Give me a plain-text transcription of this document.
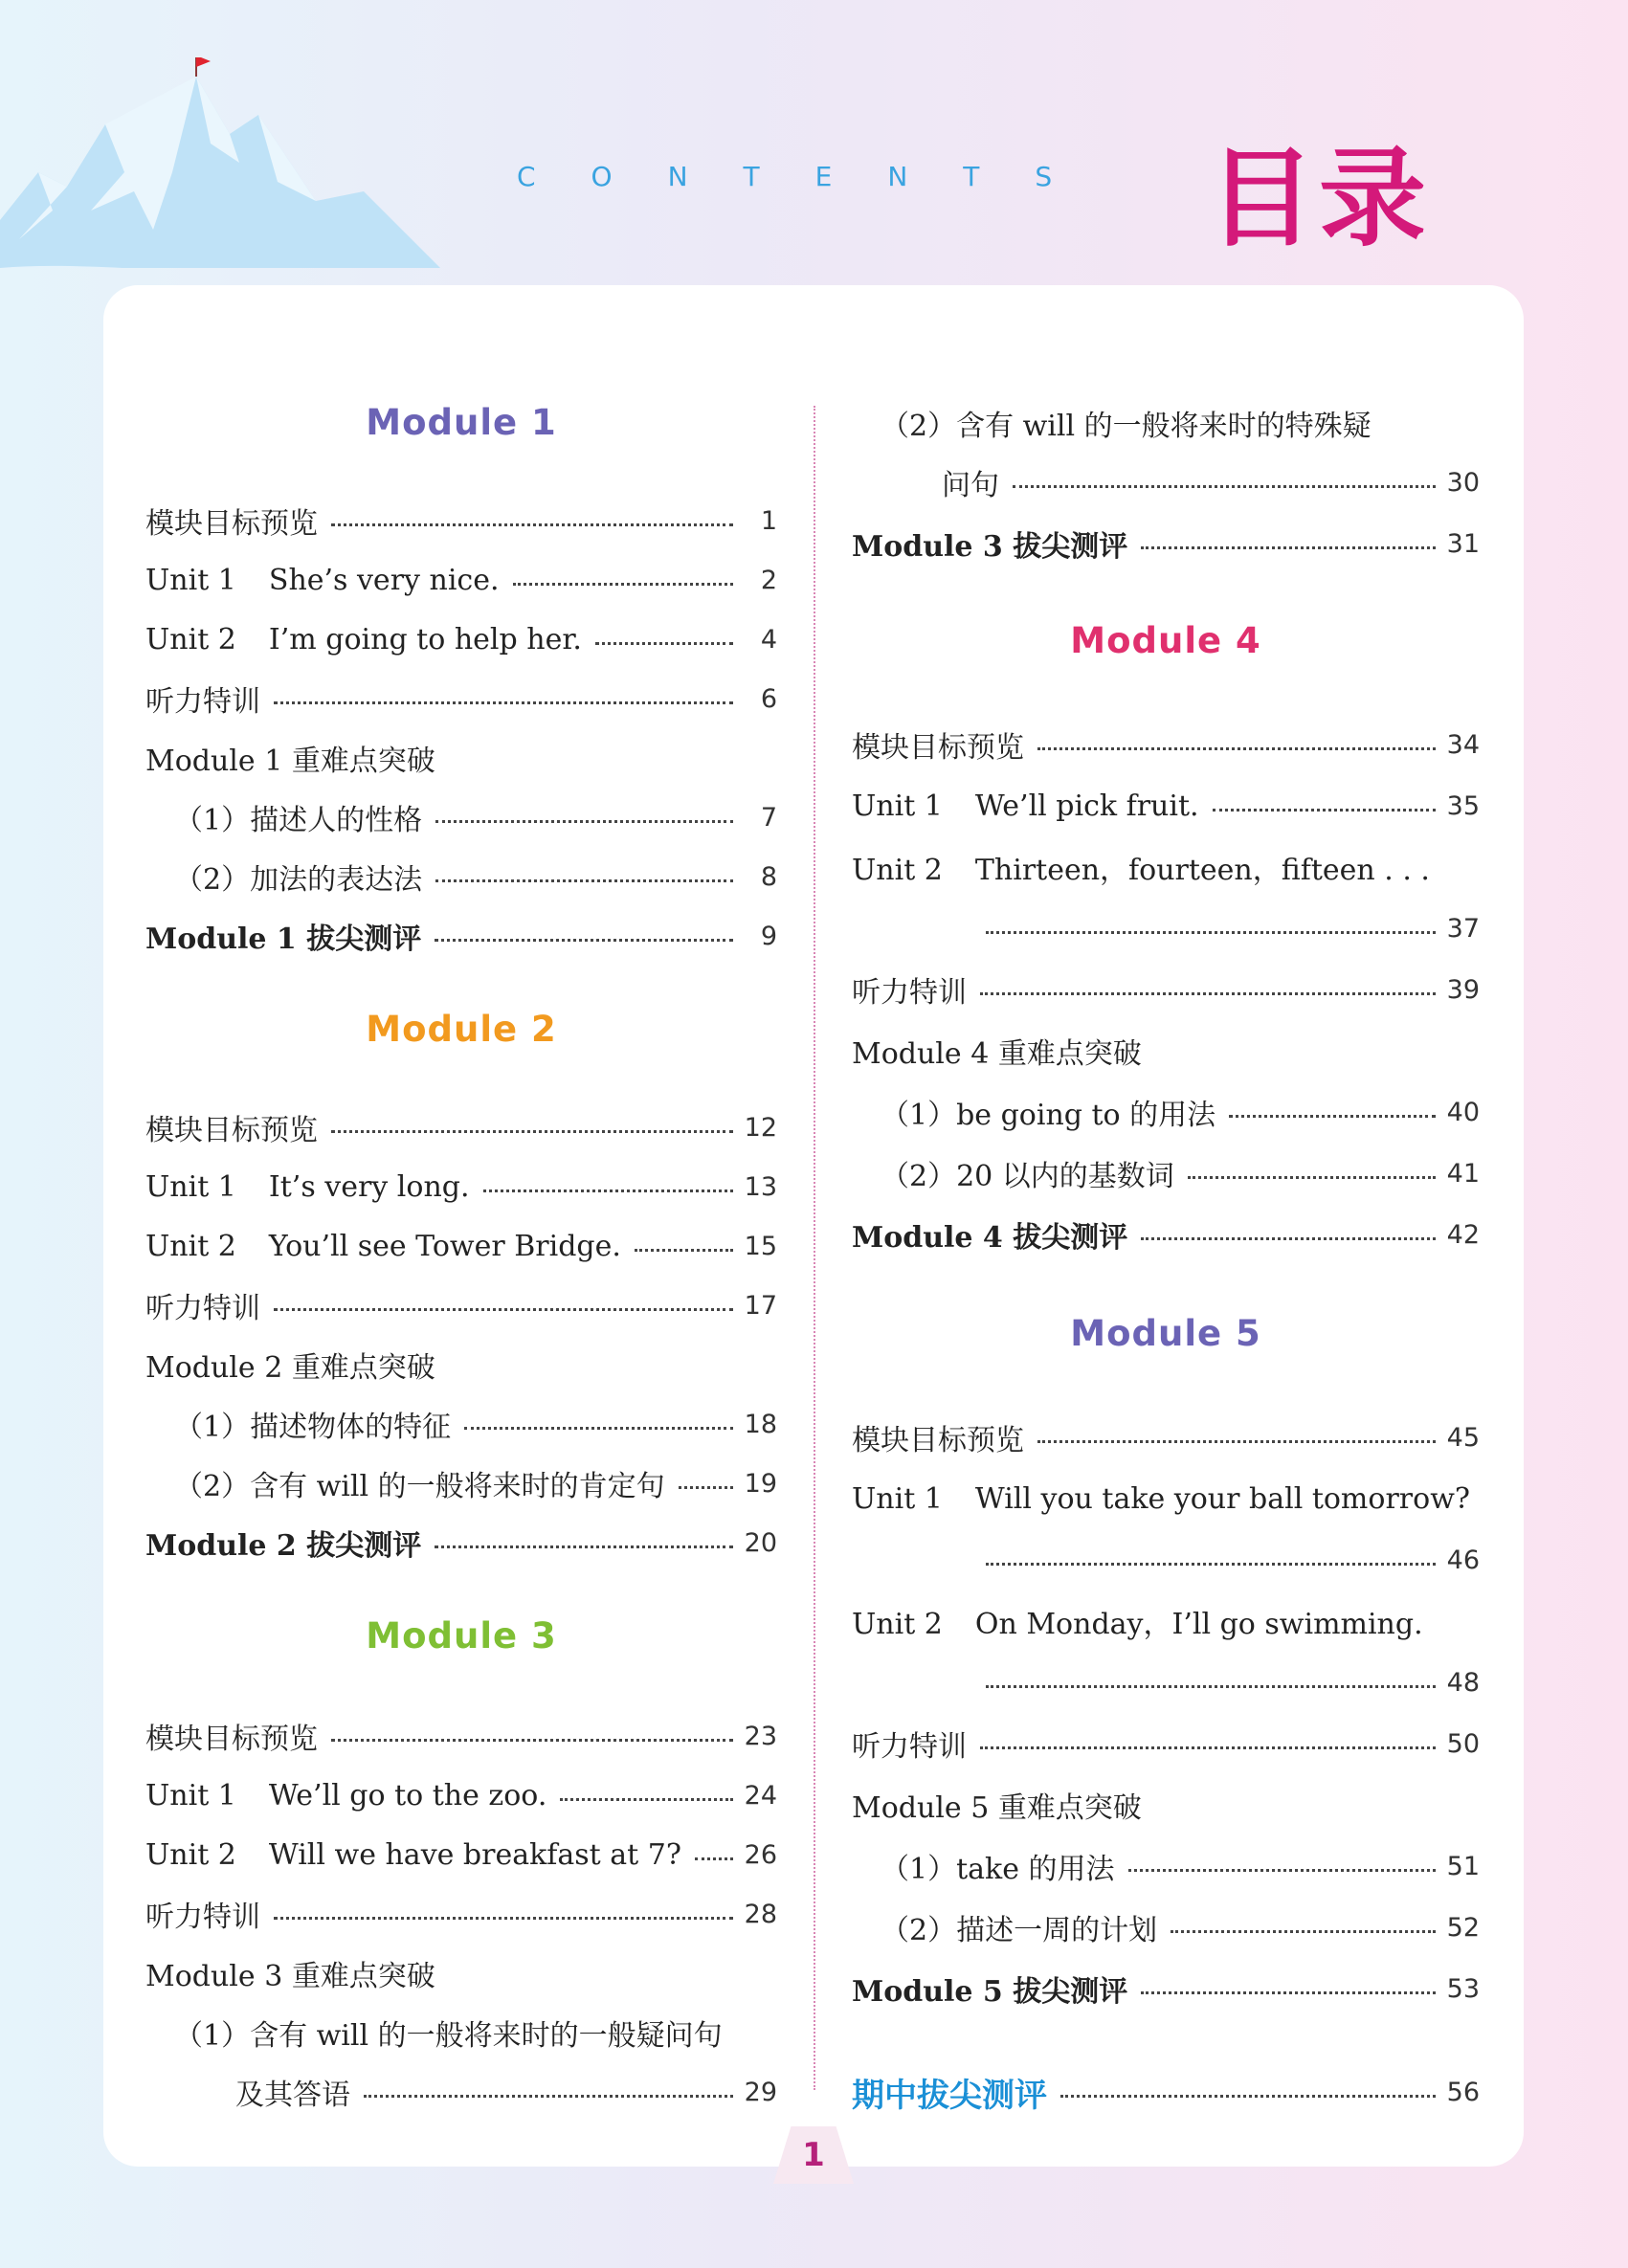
CONTENTS 目录
Module 1
模块目标预览	1
Unit 1 She’s very nice.	2
Unit 2 I’m going to help her.	4
听力特训	6
Module 1 重难点突破
（1）描述人的性格	7
（2）加法的表达法	8
Module 1 拔尖测评	9
Module 2
模块目标预览	12
Unit 1 It’s very long.	13
Unit 2 You’ll see Tower Bridge.	15
听力特训	17
Module 2 重难点突破
（1）描述物体的特征	18
（2）含有 will 的一般将来时的肯定句	19
Module 2 拔尖测评	20
Module 3
模块目标预览	23
Unit 1 We’ll go to the zoo.	24
Unit 2 Will we have breakfast at 7? 26
听力特训	28
Module 3 重难点突破
（1）含有 will 的一般将来时的一般疑问句
及其答语	29
（2）含有 will 的一般将来时的特殊疑
问句	30
Module 3 拔尖测评	31
Module 4
模块目标预览	34
Unit 1 We’ll pick fruit.	35
Unit 2 Thirteen，fourteen，fifteen . . .
37
听力特训	39
Module 4 重难点突破
（1）be going to 的用法	40
（2）20 以内的基数词	41
Module 4 拔尖测评	42
Module 5
模块目标预览	45
Unit 1 Will you take your ball tomorrow?
46
Unit 2 On Monday，I’ll go swimming.
48
听力特训	50
Module 5 重难点突破
（1）take 的用法	51
（2）描述一周的计划	52
Module 5 拔尖测评	53
期中拔尖测评	56
1
